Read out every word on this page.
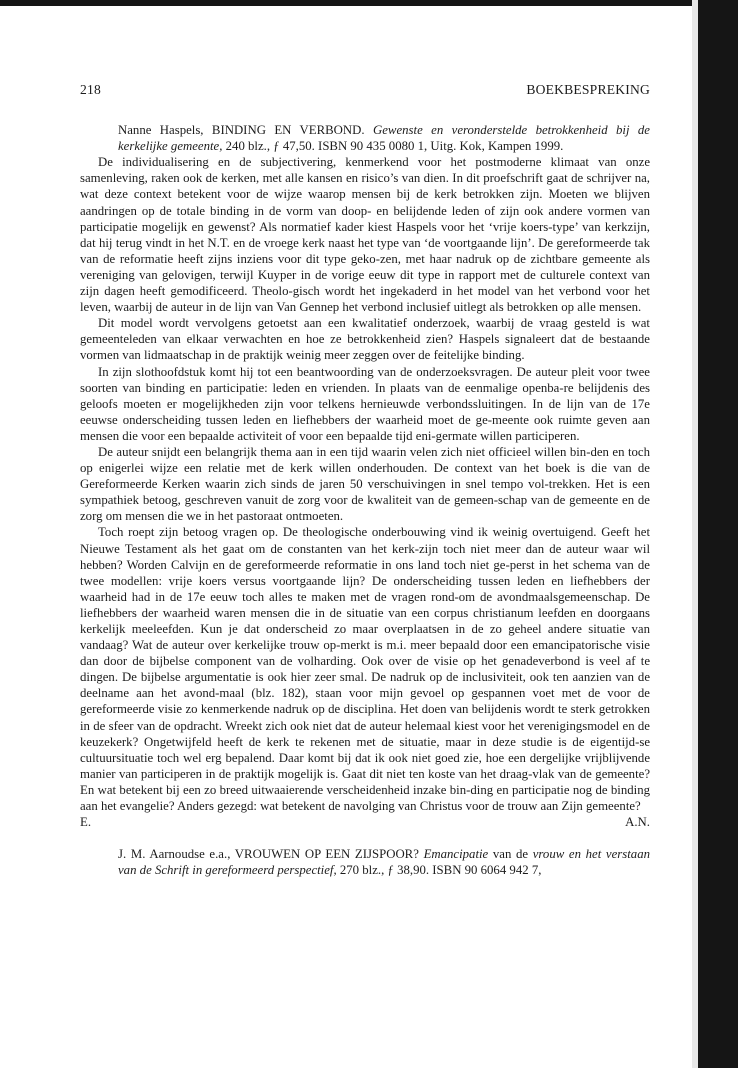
218	BOEKBESPREKING

Nanne Haspels, BINDING EN VERBOND. Gewenste en veronderstelde betrokkenheid bij de kerkelijke gemeente, 240 blz., ƒ 47,50. ISBN 90 435 0080 1, Uitg. Kok, Kampen 1999.

De individualisering en de subjectivering, kenmerkend voor het postmoderne klimaat van onze samenleving, raken ook de kerken, met alle kansen en risico’s van dien. In dit proefschrift gaat de schrijver na, wat deze context betekent voor de wijze waarop mensen bij de kerk betrokken zijn. Moeten we blijven aandringen op de totale binding in de vorm van doop- en belijdende leden of zijn ook andere vormen van participatie mogelijk en gewenst? Als normatief kader kiest Haspels voor het ‘vrije koers-type’ van kerkzijn, dat hij terug vindt in het N.T. en de vroege kerk naast het type van ‘de voortgaande lijn’. De gereformeerde tak van de reformatie heeft zijns inziens voor dit type geko-zen, met haar nadruk op de zichtbare gemeente als vereniging van gelovigen, terwijl Kuyper in de vorige eeuw dit type in rapport met de culturele context van zijn dagen heeft gemodificeerd. Theolo-gisch wordt het ingekaderd in het model van het verbond voor het leven, waarbij de auteur in de lijn van Van Gennep het verbond inclusief uitlegt als betrokken op alle mensen.

Dit model wordt vervolgens getoetst aan een kwalitatief onderzoek, waarbij de vraag gesteld is wat gemeenteleden van elkaar verwachten en hoe ze betrokkenheid zien? Haspels signaleert dat de bestaande vormen van lidmaatschap in de praktijk weinig meer zeggen over de feitelijke binding.

In zijn slothoofdstuk komt hij tot een beantwoording van de onderzoeksvragen. De auteur pleit voor twee soorten van binding en participatie: leden en vrienden. In plaats van de eenmalige openba-re belijdenis des geloofs moeten er mogelijkheden zijn voor telkens hernieuwde verbondssluitingen. In de lijn van de 17e eeuwse onderscheiding tussen leden en liefhebbers der waarheid moet de ge-meente ook ruimte geven aan mensen die voor een bepaalde activiteit of voor een bepaalde tijd eni-germate willen participeren.

De auteur snijdt een belangrijk thema aan in een tijd waarin velen zich niet officieel willen bin-den en toch op enigerlei wijze een relatie met de kerk willen onderhouden. De context van het boek is die van de Gereformeerde Kerken waarin zich sinds de jaren 50 verschuivingen in snel tempo vol-trekken. Het is een sympathiek betoog, geschreven vanuit de zorg voor de kwaliteit van de gemeen-schap van de gemeente en de zorg om mensen die we in het pastoraat ontmoeten.

Toch roept zijn betoog vragen op. De theologische onderbouwing vind ik weinig overtuigend. Geeft het Nieuwe Testament als het gaat om de constanten van het kerk-zijn toch niet meer dan de auteur waar wil hebben? Worden Calvijn en de gereformeerde reformatie in ons land toch niet ge-perst in het schema van de twee modellen: vrije koers versus voortgaande lijn? De onderscheiding tussen leden en liefhebbers der waarheid had in de 17e eeuw toch alles te maken met de vragen rond-om de avondmaalsgemeenschap. De liefhebbers der waarheid waren mensen die in de situatie van een corpus christianum leefden en doorgaans kerkelijk meeleefden. Kun je dat onderscheid zo maar overplaatsen in de zo geheel andere situatie van vandaag? Wat de auteur over kerkelijke trouw op-merkt is m.i. meer bepaald door een emancipatorische visie dan door de bijbelse component van de volharding. Ook over de visie op het genadeverbond is veel af te dingen. De bijbelse argumentatie is ook hier zeer smal. De nadruk op de inclusiviteit, ook ten aanzien van de deelname aan het avond-maal (blz. 182), staan voor mijn gevoel op gespannen voet met de voor de gereformeerde visie zo kenmerkende nadruk op de disciplina. Het doen van belijdenis wordt te sterk getrokken in de sfeer van de opdracht. Wreekt zich ook niet dat de auteur helemaal kiest voor het verenigingsmodel en de keuzekerk? Ongetwijfeld heeft de kerk te rekenen met de situatie, maar in deze studie is de eigentijd-se cultuursituatie toch wel erg bepalend. Daar komt bij dat ik ook niet goed zie, hoe een dergelijke vrijblijvende manier van participeren in de praktijk mogelijk is. Gaat dit niet ten koste van het draag-vlak van de gemeente? En wat betekent bij een zo breed uitwaaierende verscheidenheid inzake bin-ding en participatie nog de binding aan het evangelie? Anders gezegd: wat betekent de navolging van Christus voor de trouw aan Zijn gemeente?

E.	A.N.

J. M. Aarnoudse e.a., VROUWEN OP EEN ZIJSPOOR? Emancipatie van de vrouw en het verstaan van de Schrift in gereformeerd perspectief, 270 blz., ƒ 38,90. ISBN 90 6064 942 7,
